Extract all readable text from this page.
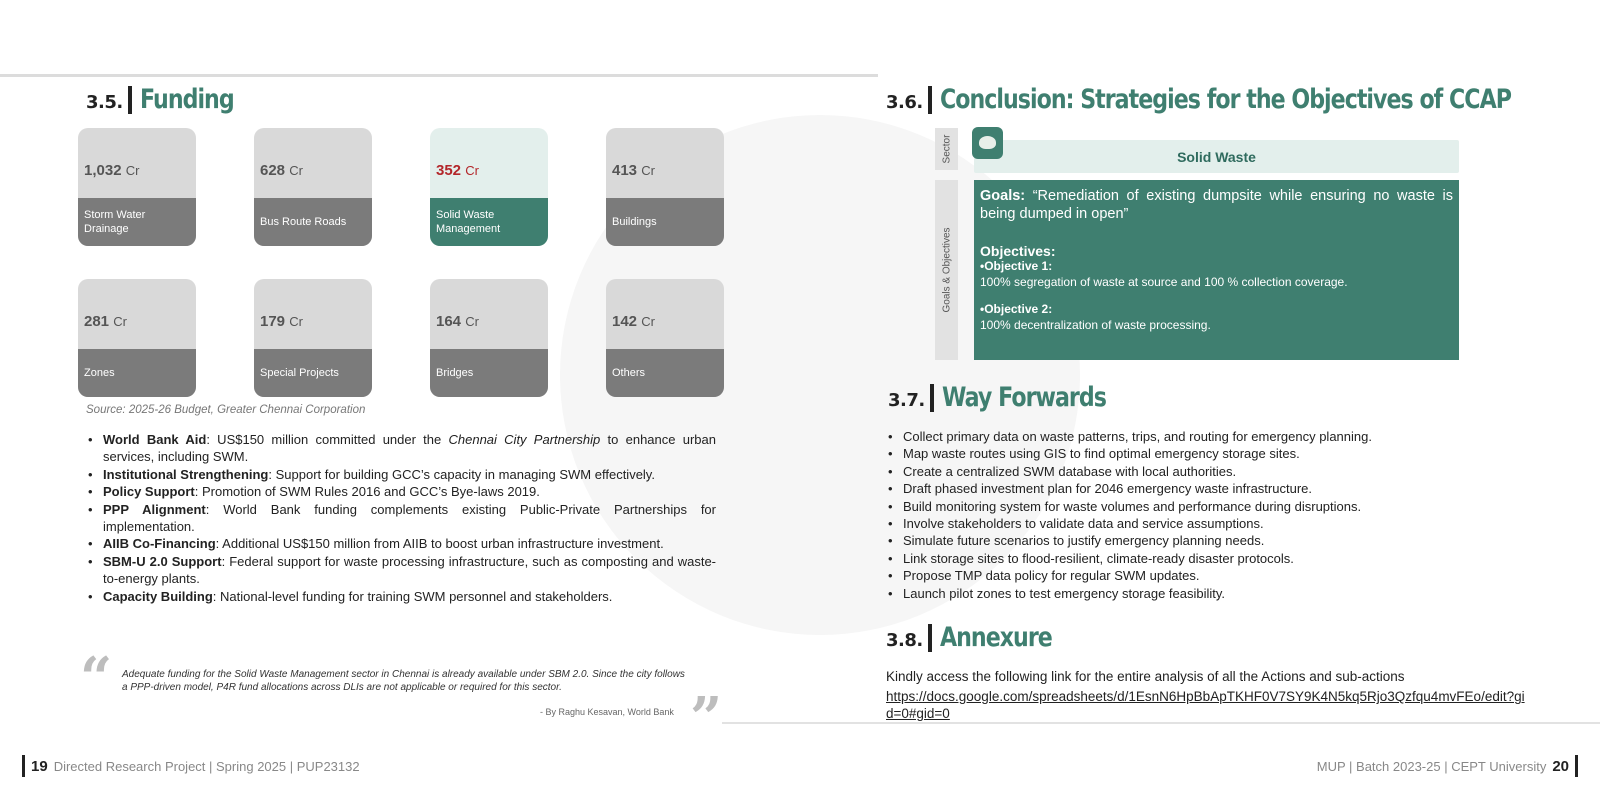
3.5. Funding
1,032 Cr
Storm Water Drainage
628 Cr
Bus Route Roads
352 Cr
Solid Waste Management
413 Cr
Buildings
281 Cr
Zones
179 Cr
Special Projects
164 Cr
Bridges
142 Cr
Others
Source: 2025-26 Budget, Greater Chennai Corporation
• World Bank Aid: US$150 million committed under the Chennai City Partnership to enhance urban services, including SWM.
• Institutional Strengthening: Support for building GCC’s capacity in managing SWM effectively.
• Policy Support: Promotion of SWM Rules 2016 and GCC’s Bye-laws 2019.
• PPP Alignment: World Bank funding complements existing Public-Private Partnerships for implementation.
• AIIB Co-Financing: Additional US$150 million from AIIB to boost urban infrastructure investment.
• SBM-U 2.0 Support: Federal support for waste processing infrastructure, such as composting and waste-to-energy plants.
• Capacity Building: National-level funding for training SWM personnel and stakeholders.
“ Adequate funding for the Solid Waste Management sector in Chennai is already available under SBM 2.0. Since the city follows a PPP-driven model, P4R fund allocations across DLIs are not applicable or required for this sector.
- By Raghu Kesavan, World Bank ”
3.6. Conclusion: Strategies for the Objectives of CCAP
Sector
Goals & Objectives
Solid Waste
Goals: “Remediation of existing dumpsite while ensuring no waste is being dumped in open”
Objectives:
•Objective 1:
100% segregation of waste at source and 100 % collection coverage.
•Objective 2:
100% decentralization of waste processing.
3.7. Way Forwards
• Collect primary data on waste patterns, trips, and routing for emergency planning.
• Map waste routes using GIS to find optimal emergency storage sites.
• Create a centralized SWM database with local authorities.
• Draft phased investment plan for 2046 emergency waste infrastructure.
• Build monitoring system for waste volumes and performance during disruptions.
• Involve stakeholders to validate data and service assumptions.
• Simulate future scenarios to justify emergency planning needs.
• Link storage sites to flood-resilient, climate-ready disaster protocols.
• Propose TMP data policy for regular SWM updates.
• Launch pilot zones to test emergency storage feasibility.
3.8. Annexure
Kindly access the following link for the entire analysis of all the Actions and sub-actions
https://docs.google.com/spreadsheets/d/1EsnN6HpBbApTKHF0V7SY9K4N5kq5Rjo3Qzfqu4mvFEo/edit?gid=0#gid=0
19 Directed Research Project | Spring 2025 | PUP23132	MUP | Batch 2023-25 | CEPT University 20
